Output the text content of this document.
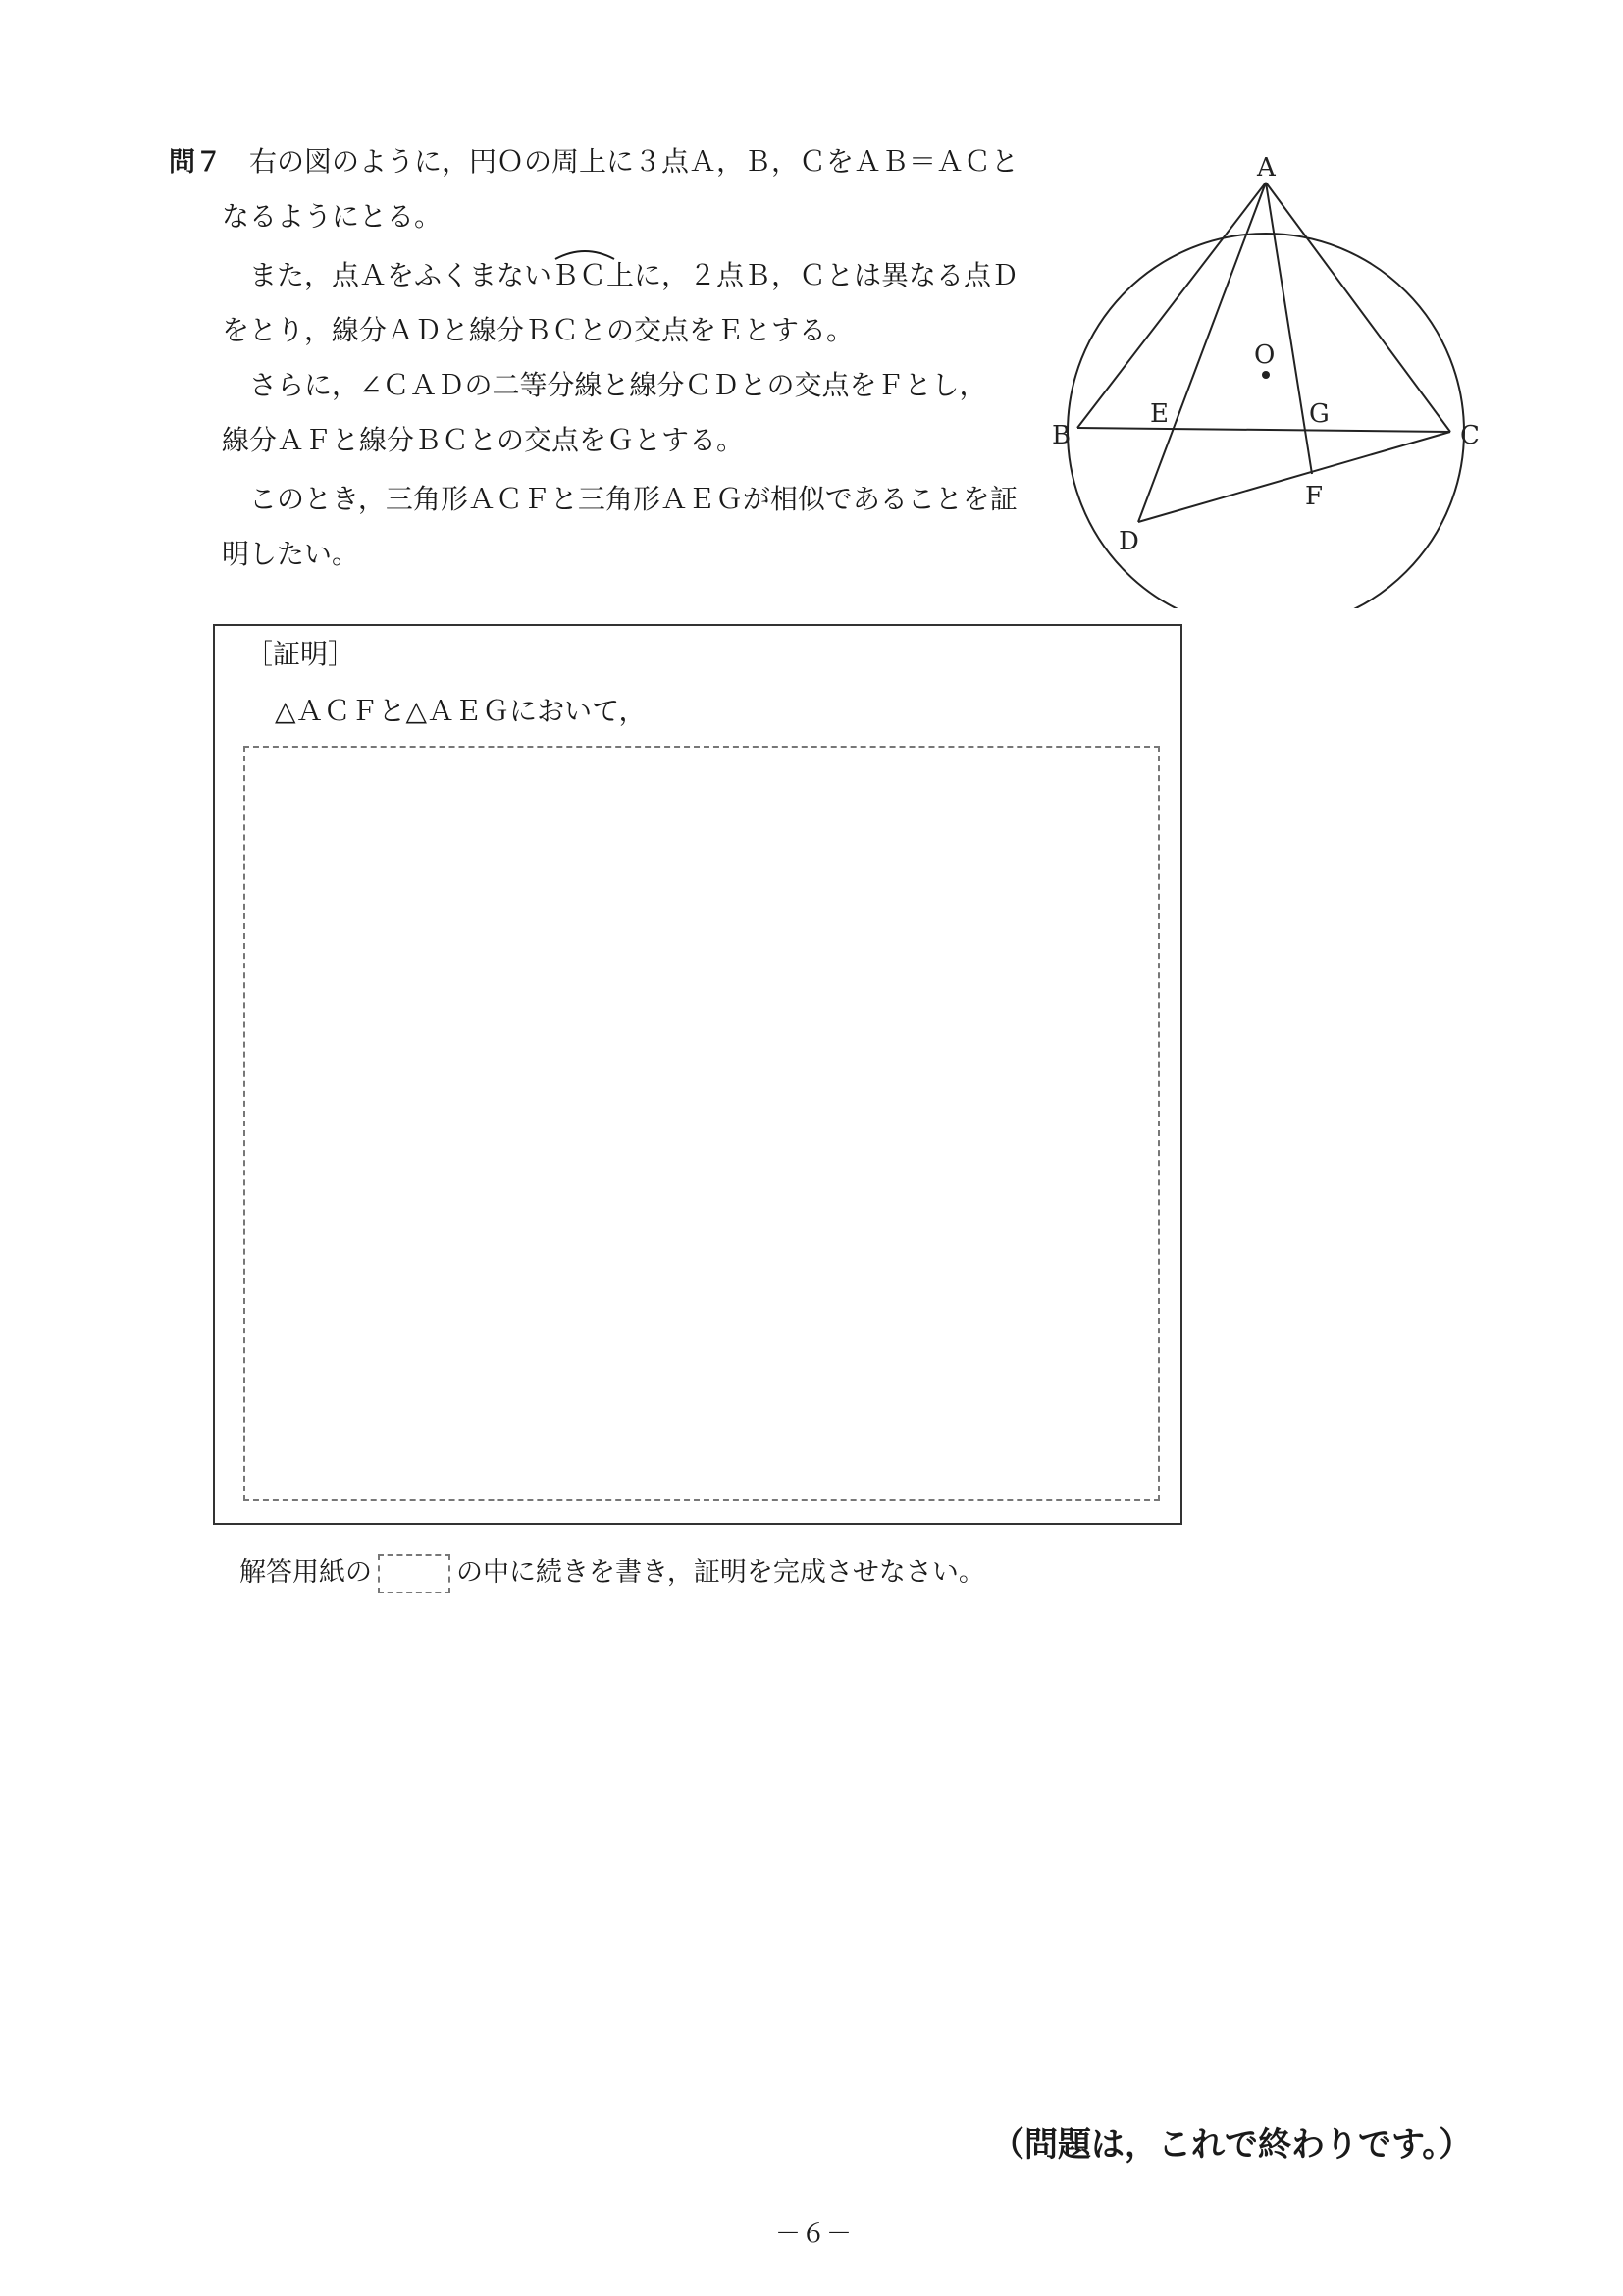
問７ 右の図のように，円Ｏの周上に３点Ａ，Ｂ，ＣをＡＢ＝ＡＣと
なるようにとる。
また，点Ａをふくまない
ＢＣ上に，２点Ｂ，Ｃとは異なる点Ｄ
をとり，線分ＡＤと線分ＢＣとの交点をＥとする。
さらに，∠ＣＡＤの二等分線と線分ＣＤとの交点をＦとし，
線分ＡＦと線分ＢＣとの交点をＧとする。
このとき，三角形ＡＣＦと三角形ＡＥＧが相似であることを証
明したい。
A
B	C
D
E
F
G
O
［証明］
△ＡＣＦと△ＡＥＧにおいて，
解答用紙の	の中に続きを書き，証明を完成させなさい。
（問題は，これで終わりです。）
－６－
